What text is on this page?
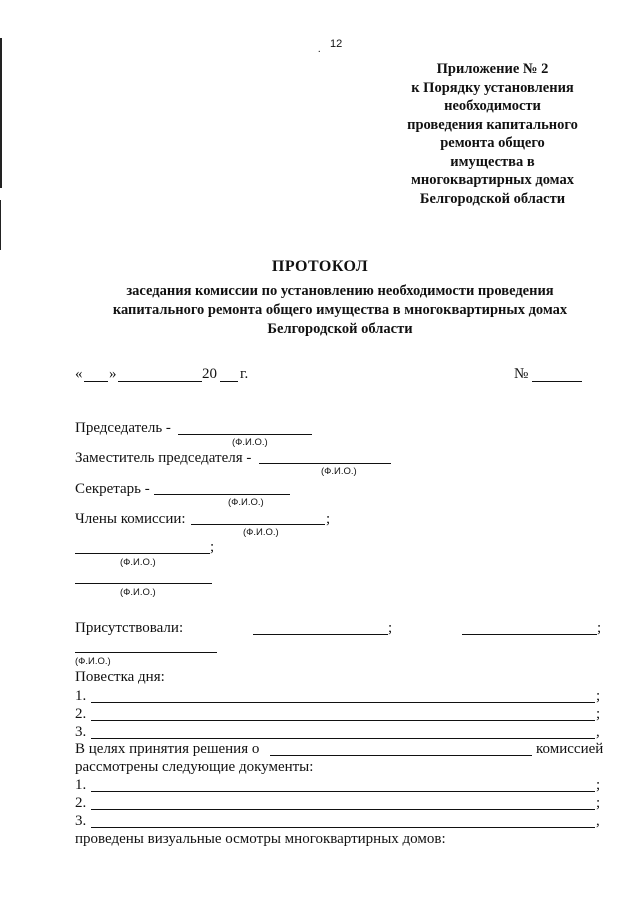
. 12
Приложение № 2
к Порядку установления
необходимости
проведения капитального
ремонта общего
имущества в
многоквартирных домах
Белгородской области
ПРОТОКОЛ
заседания комиссии по установлению необходимости проведения
капитального ремонта общего имущества в многоквартирных домах
Белгородской области
« »	20 г.	№
Председатель -
(Ф.И.О.)
Заместитель председателя -
(Ф.И.О.)
Секретарь -
(Ф.И.О.)
Члены комиссии:	;
(Ф.И.О.)
;
(Ф.И.О.)
(Ф.И.О.)
Присутствовали:	;	;
(Ф.И.О.)
Повестка дня:
1.	;
2.	;
3.	,
В целях принятия решения о	комиссией
рассмотрены следующие документы:
1.	;
2.	;
3.	,
проведены визуальные осмотры многоквартирных домов:
